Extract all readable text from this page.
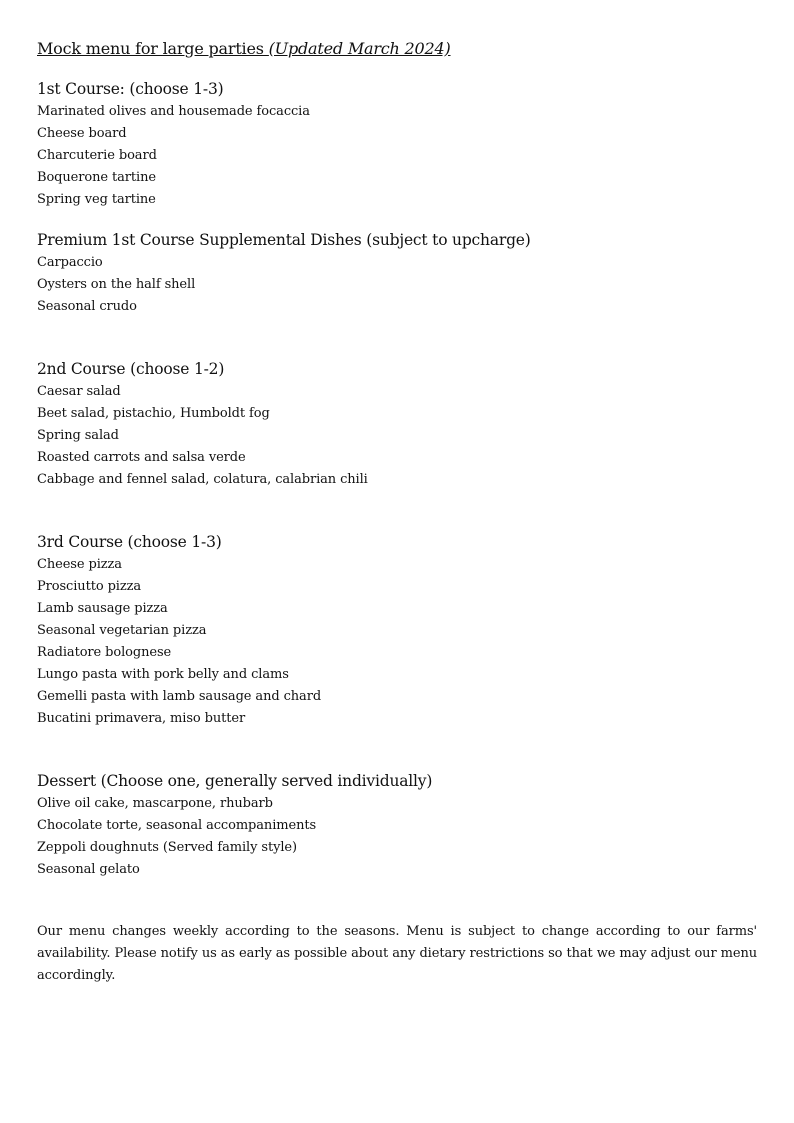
Mock menu for large parties (Updated March 2024)
1st Course: (choose 1-3)
Marinated olives and housemade focaccia
Cheese board
Charcuterie board
Boquerone tartine
Spring veg tartine
Premium 1st Course Supplemental Dishes (subject to upcharge)
Carpaccio
Oysters on the half shell
Seasonal crudo
2nd Course (choose 1-2)
Caesar salad
Beet salad, pistachio, Humboldt fog
Spring salad
Roasted carrots and salsa verde
Cabbage and fennel salad, colatura, calabrian chili
3rd Course (choose 1-3)
Cheese pizza
Prosciutto pizza
Lamb sausage pizza
Seasonal vegetarian pizza
Radiatore bolognese
Lungo pasta with pork belly and clams
Gemelli pasta with lamb sausage and chard
Bucatini primavera, miso butter
Dessert (Choose one, generally served individually)
Olive oil cake, mascarpone, rhubarb
Chocolate torte, seasonal accompaniments
Zeppoli doughnuts (Served family style)
Seasonal gelato

Our menu changes weekly according to the seasons. Menu is subject to change according to our farms' availability. Please notify us as early as possible about any dietary restrictions so that we may adjust our menu accordingly.
